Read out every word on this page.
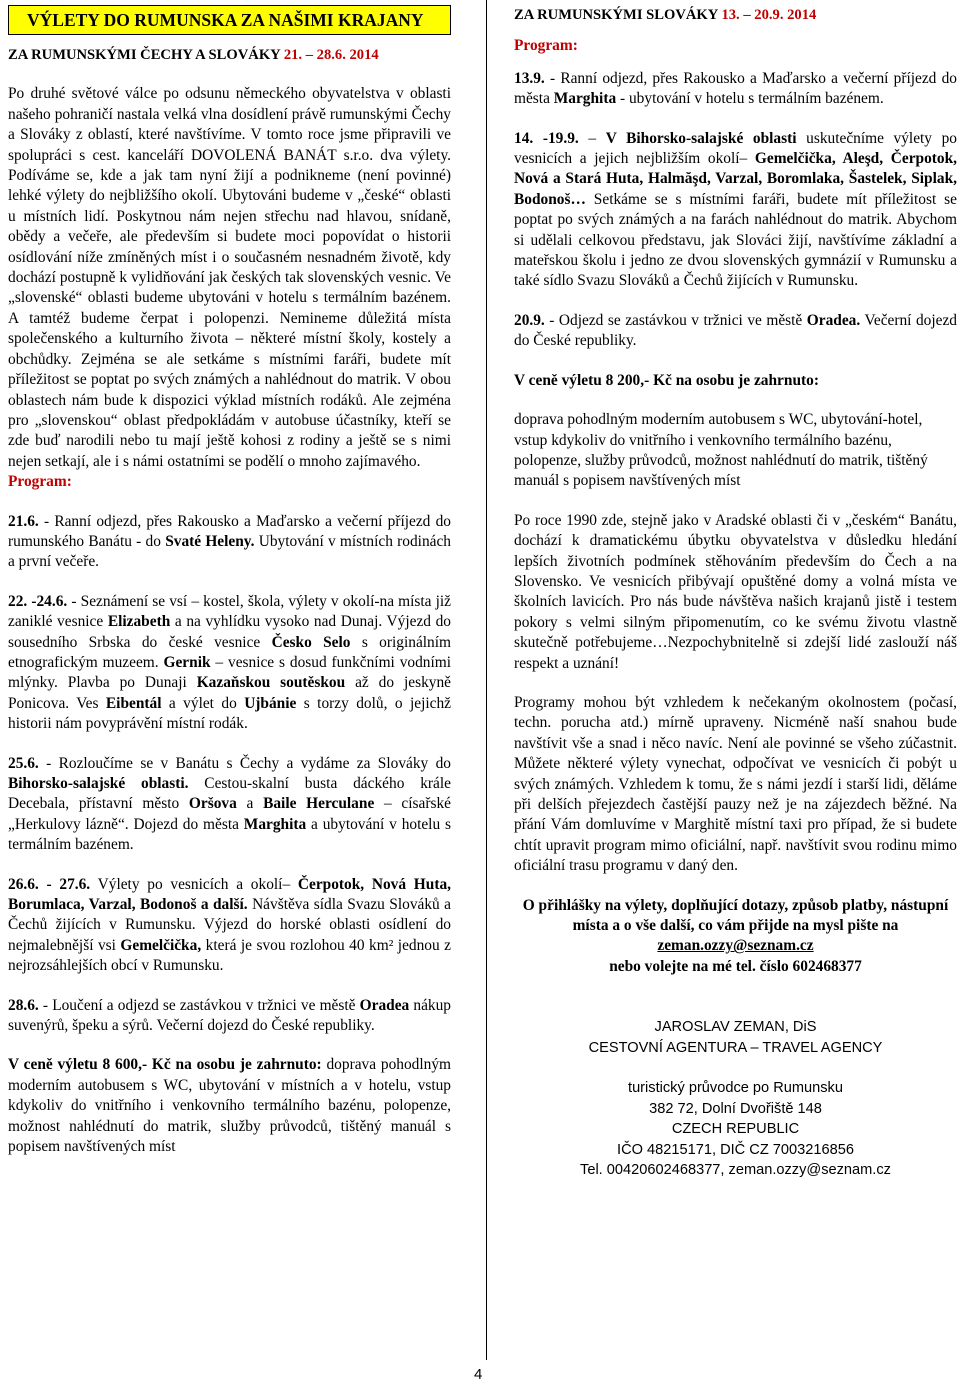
VÝLETY DO RUMUNSKA ZA NAŠIMI KRAJANY
ZA RUMUNSKÝMI ČECHY A SLOVÁKY 21. – 28.6. 2014

Po druhé světové válce po odsunu německého obyvatelstva v oblasti našeho pohraničí nastala velká vlna dosídlení právě rumunskými Čechy a Slováky z oblastí, které navštívíme. V tomto roce jsme připravili ve spolupráci s cest. kanceláří DOVOLENÁ BANÁT s.r.o. dva výlety. Podíváme se, kde a jak tam nyní žijí a podnikneme (není povinné) lehké výlety do nejbližšího okolí. Ubytováni budeme v „české“ oblasti u místních lidí. Poskytnou nám nejen střechu nad hlavou, snídaně, obědy a večeře, ale především si budete moci popovídat o historii osídlování níže zmíněných míst i o současném nesnadném životě, kdy dochází postupně k vylidňování jak českých tak slovenských vesnic. Ve „slovenské“ oblasti budeme ubytováni v hotelu s termálním bazénem. A tamtéž budeme čerpat i polopenzi. Nemineme důležitá místa společenského a kulturního života – některé místní školy, kostely a obchůdky. Zejména se ale setkáme s místními faráři, budete mít příležitost se poptat po svých známých a nahlédnout do matrik. V obou oblastech nám bude k dispozici výklad místních rodáků. Ale zejména pro „slovenskou“ oblast předpokládám v autobuse účastníky, kteří se zde buď narodili nebo tu mají ještě kohosi z rodiny a ještě se s nimi nejen setkají, ale i s námi ostatními se podělí o mnoho zajímavého.

Program:

21.6. - Ranní odjezd, přes Rakousko a Maďarsko a večerní příjezd do rumunského Banátu - do Svaté Heleny. Ubytování v místních rodinách a první večeře.

22. -24.6. - Seznámení se vsí – kostel, škola, výlety v okolí-na místa již zaniklé vesnice Elizabeth a na vyhlídku vysoko nad Dunaj. Výjezd do sousedního Srbska do české vesnice Česko Selo s originálním etnografickým muzeem. Gernik – vesnice s dosud funkčními vodními mlýnky. Plavba po Dunaji Kazaňskou soutěskou až do jeskyně Ponicova. Ves Eibentál a výlet do Ujbánie s torzy dolů, o jejichž historii nám povyprávění místní rodák.

25.6. - Rozloučíme se v Banátu s Čechy a vydáme za Slováky do Bihorsko-salajské oblasti. Cestou-skalní busta dáckého krále Decebala, přístavní město Oršova a Baile Herculane – císařské „Herkulovy lázně“. Dojezd do města Marghita a ubytování v hotelu s termálním bazénem.

26.6. - 27.6. Výlety po vesnicích a okolí– Čerpotok, Nová Huta, Borumlaca, Varzal, Bodonoš a další. Návštěva sídla Svazu Slováků a Čechů žijících v Rumunsku. Výjezd do horské oblasti osídlení do nejmalebnější vsi Gemelčička, která je svou rozlohou 40 km² jednou z nejrozsáhlejších obcí v Rumunsku.

28.6. - Loučení a odjezd se zastávkou v tržnici ve městě Oradea nákup suvenýrů, špeku a sýrů. Večerní dojezd do České republiky.

V ceně výletu 8 600,- Kč na osobu je zahrnuto: doprava pohodlným moderním autobusem s WC, ubytování v místních a v hotelu, vstup kdykoliv do vnitřního i venkovního termálního bazénu, polopenze, možnost nahlédnutí do matrik, služby průvodců, tištěný manuál s popisem navštívených míst

ZA RUMUNSKÝMI SLOVÁKY 13. – 20.9. 2014
Program:

13.9. - Ranní odjezd, přes Rakousko a Maďarsko a večerní příjezd do města Marghita - ubytování v hotelu s termálním bazénem.

14. -19.9. – V Bihorsko-salajské oblasti uskutečníme výlety po vesnicích a jejich nejbližším okolí– Gemelčička, Aleşd, Čerpotok, Nová a Stará Huta, Halmăşd, Varzal, Boromlaka, Šastelek, Siplak, Bodonoš… Setkáme se s místními faráři, budete mít příležitost se poptat po svých známých a na farách nahlédnout do matrik. Abychom si udělali celkovou představu, jak Slováci žijí, navštívíme základní a mateřskou školu i jedno ze dvou slovenských gymnázií v Rumunsku a také sídlo Svazu Slováků a Čechů žijících v Rumunsku.

20.9. - Odjezd se zastávkou v tržnici ve městě Oradea. Večerní dojezd do České republiky.

V ceně výletu 8 200,- Kč na osobu je zahrnuto:

doprava pohodlným moderním autobusem s WC, ubytování-hotel, vstup kdykoliv do vnitřního i venkovního termálního bazénu, polopenze, služby průvodců, možnost nahlédnutí do matrik, tištěný manuál s popisem navštívených míst

Po roce 1990 zde, stejně jako v Aradské oblasti či v „českém“ Banátu, dochází k dramatickému úbytku obyvatelstva v důsledku hledání lepších životních podmínek stěhováním především do Čech a na Slovensko. Ve vesnicích přibývají opuštěné domy a volná místa ve školních lavicích. Pro nás bude návštěva našich krajanů jistě i testem pokory s velmi silným připomenutím, co ke svému životu vlastně skutečně potřebujeme…Nezpochybnitelně si zdejší lidé zaslouží náš respekt a uznání!

Programy mohou být vzhledem k nečekaným okolnostem (počasí, techn. porucha atd.) mírně upraveny. Nicméně naší snahou bude navštívit vše a snad i něco navíc. Není ale povinné se všeho zúčastnit. Můžete některé výlety vynechat, odpočívat ve vesnicích či pobýt u svých známých. Vzhledem k tomu, že s námi jezdí i starší lidi, děláme při delších přejezdech častější pauzy než je na zájezdech běžné. Na přání Vám domluvíme v Marghitě místní taxi pro případ, že si budete chtít upravit program mimo oficiální, např. navštívit svou rodinu mimo oficiální trasu programu v daný den.

O přihlášky na výlety, doplňující dotazy, způsob platby, nástupní místa a o vše další, co vám přijde na mysl pište na zeman.ozzy@seznam.cz
nebo volejte na mé tel. číslo 602468377

JAROSLAV ZEMAN, DiS
CESTOVNÍ AGENTURA – TRAVEL AGENCY
turistický průvodce po Rumunsku
382 72, Dolní Dvořiště 148
CZECH REPUBLIC
IČO 48215171, DIČ CZ 7003216856
Tel. 00420602468377, zeman.ozzy@seznam.cz
4
